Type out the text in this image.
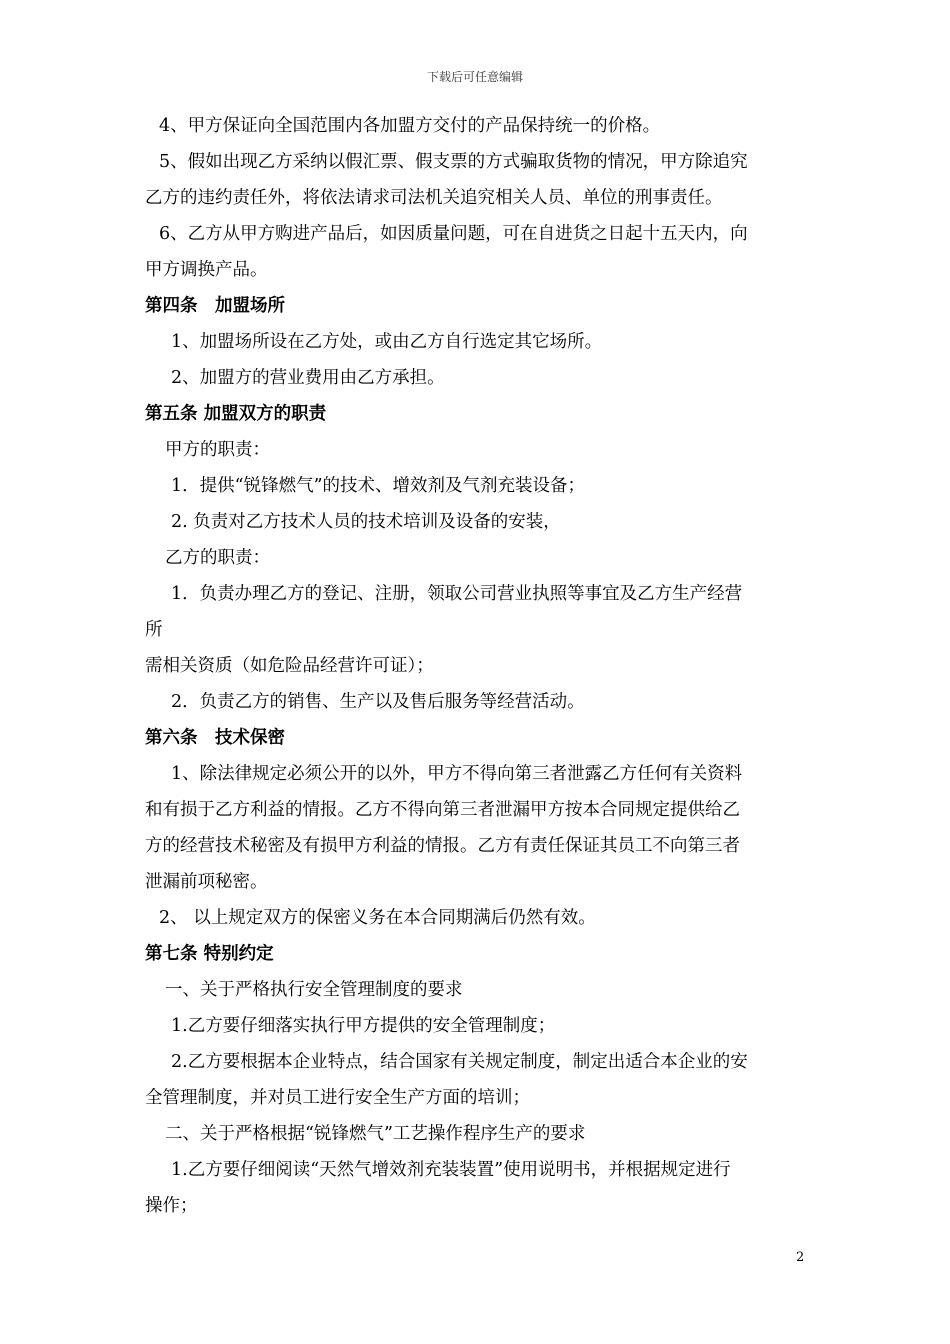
下载后可任意编辑
4、甲方保证向全国范围内各加盟方交付的产品保持统一的价格。
5、假如出现乙方采纳以假汇票、假支票的方式骗取货物的情况，甲方除追究
乙方的违约责任外，将依法请求司法机关追究相关人员、单位的刑事责任。
6、乙方从甲方购进产品后，如因质量问题，可在自进货之日起十五天内，向
甲方调换产品。
第四条　加盟场所
1、加盟场所设在乙方处，或由乙方自行选定其它场所。
2、加盟方的营业费用由乙方承担。
第五条 加盟双方的职责
甲方的职责：
1．提供“锐锋燃气”的技术、增效剂及气剂充装设备；
2. 负责对乙方技术人员的技术培训及设备的安装，
乙方的职责：
1．负责办理乙方的登记、注册，领取公司营业执照等事宜及乙方生产经营
所
需相关资质（如危险品经营许可证）；
2．负责乙方的销售、生产以及售后服务等经营活动。
第六条　技术保密
1、除法律规定必须公开的以外，甲方不得向第三者泄露乙方任何有关资料
和有损于乙方利益的情报。乙方不得向第三者泄漏甲方按本合同规定提供给乙
方的经营技术秘密及有损甲方利益的情报。乙方有责任保证其员工不向第三者
泄漏前项秘密。
2、 以上规定双方的保密义务在本合同期满后仍然有效。
第七条 特别约定
一、关于严格执行安全管理制度的要求
1.乙方要仔细落实执行甲方提供的安全管理制度；
2.乙方要根据本企业特点，结合国家有关规定制度，制定出适合本企业的安
全管理制度，并对员工进行安全生产方面的培训；
二、关于严格根据“锐锋燃气”工艺操作程序生产的要求
1.乙方要仔细阅读“天然气增效剂充装装置”使用说明书，并根据规定进行
操作；
2
